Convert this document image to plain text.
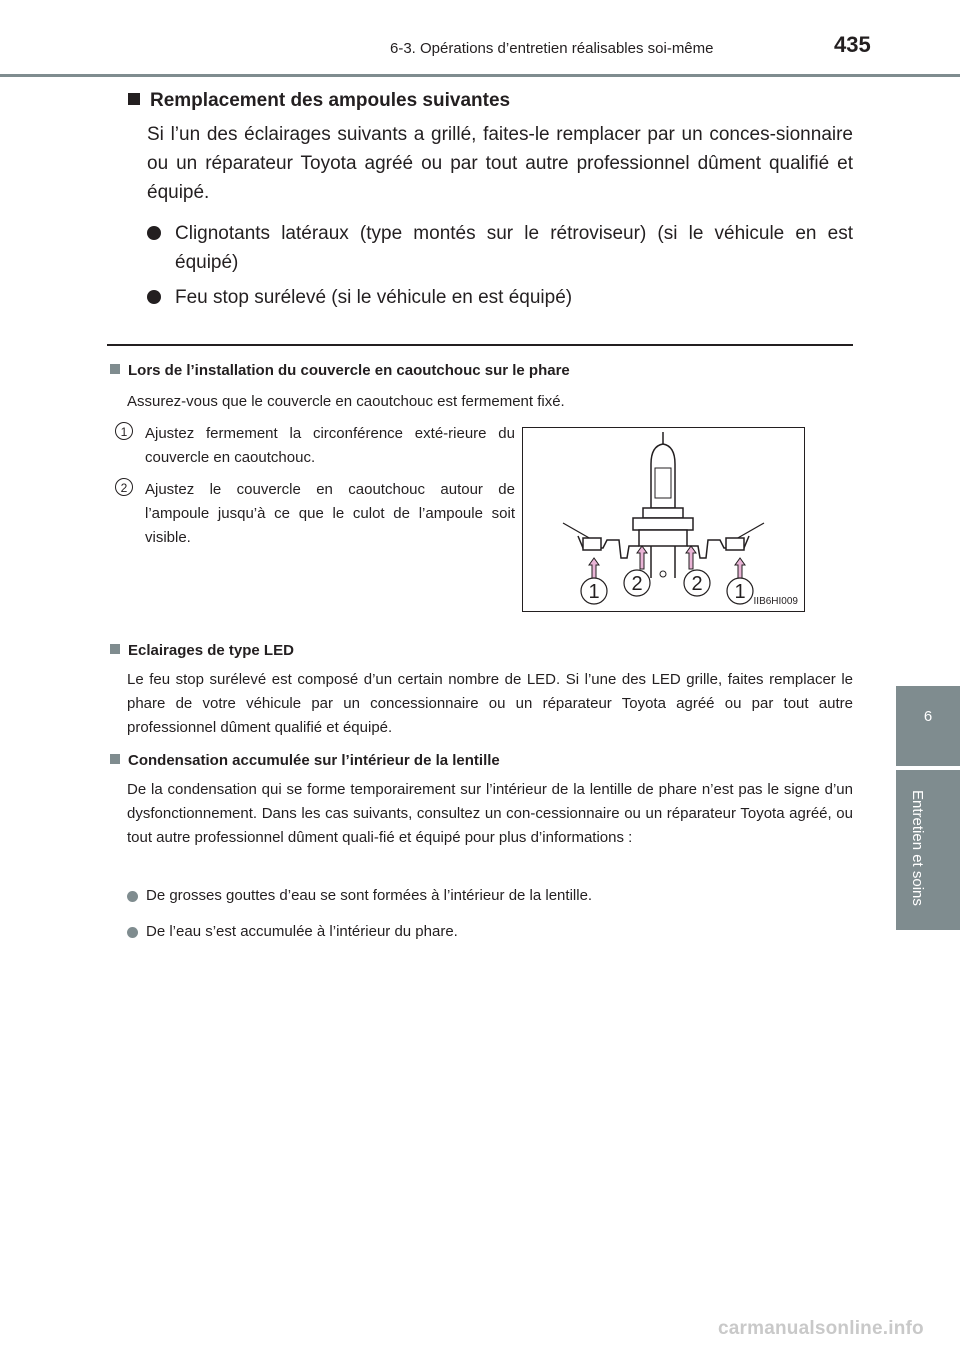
6-3. Opérations d’entretien réalisables soi-même	435
6
Entretien et soins
Remplacement des ampoules suivantes
Si l’un des éclairages suivants a grillé, faites-le remplacer par un conces-sionnaire ou un réparateur Toyota agréé ou par tout autre professionnel dûment qualifié et équipé.
Clignotants latéraux (type montés sur le rétroviseur) (si le véhicule en est équipé)
Feu stop surélevé (si le véhicule en est équipé)
Lors de l’installation du couvercle en caoutchouc sur le phare
Assurez-vous que le couvercle en caoutchouc est fermement fixé.
1	Ajustez fermement la circonférence exté-rieure du couvercle en caoutchouc.
2	Ajustez le couvercle en caoutchouc autour de l’ampoule jusqu’à ce que le culot de l’ampoule soit visible.
1 2 2 1 IIB6HI009
Eclairages de type LED
Le feu stop surélevé est composé d’un certain nombre de LED. Si l’une des LED grille, faites remplacer le phare de votre véhicule par un concessionnaire ou un réparateur Toyota agréé ou par tout autre professionnel dûment qualifié et équipé.
Condensation accumulée sur l’intérieur de la lentille
De la condensation qui se forme temporairement sur l’intérieur de la lentille de phare n’est pas le signe d’un dysfonctionnement. Dans les cas suivants, consultez un con-cessionnaire ou un réparateur Toyota agréé, ou tout autre professionnel dûment quali-fié et équipé pour plus d’informations :
De grosses gouttes d’eau se sont formées à l’intérieur de la lentille.
De l’eau s’est accumulée à l’intérieur du phare.
carmanualsonline.info
